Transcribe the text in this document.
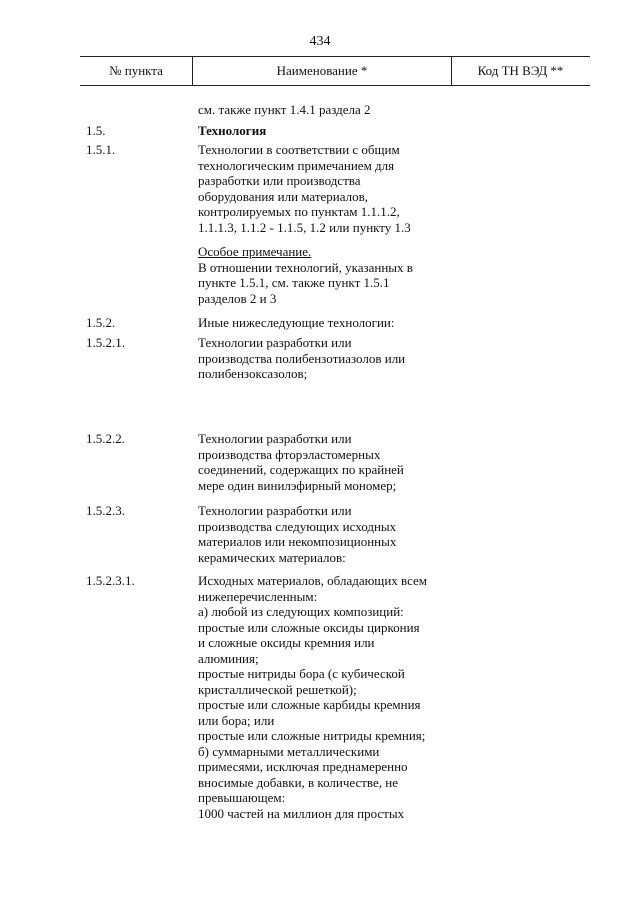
434
№ пункта	Наименование *	Код ТН ВЭД **
см. также пункт 1.4.1 раздела 2
1.5.	Технология
1.5.1.	Технологии в соответствии с общим
технологическим примечанием для
разработки или производства
оборудования или материалов,
контролируемых по пунктам 1.1.1.2,
1.1.1.3, 1.1.2 - 1.1.5, 1.2 или пункту 1.3
Особое примечание.
В отношении технологий, указанных в
пункте 1.5.1, см. также пункт 1.5.1
разделов 2 и 3
1.5.2.	Иные нижеследующие технологии:
1.5.2.1.	Технологии разработки или
производства полибензотиазолов или
полибензоксазолов;
1.5.2.2.	Технологии разработки или
производства фторэластомерных
соединений, содержащих по крайней
мере один винилэфирный мономер;
1.5.2.3.	Технологии разработки или
производства следующих исходных
материалов или некомпозиционных
керамических материалов:
1.5.2.3.1.	Исходных материалов, обладающих всем
нижеперечисленным:
а) любой из следующих композиций:
простые или сложные оксиды циркония
и сложные оксиды кремния или
алюминия;
простые нитриды бора (с кубической
кристаллической решеткой);
простые или сложные карбиды кремния
или бора; или
простые или сложные нитриды кремния;
б) суммарными металлическими
примесями, исключая преднамеренно
вносимые добавки, в количестве, не
превышающем:
1000 частей на миллион для простых
